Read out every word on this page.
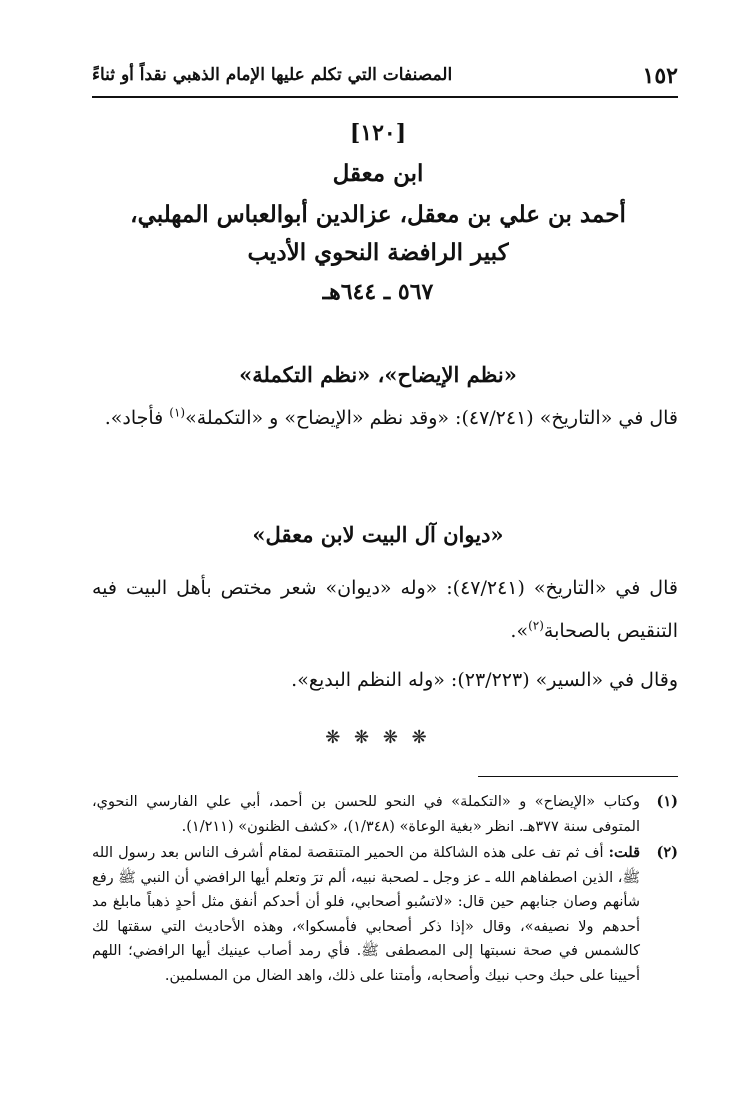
١٥٢
المصنفات التي تكلم عليها الإمام الذهبي نقداً أو ثناءً
[١٢٠]
ابن معقل
أحمد بن علي بن معقل، عزالدين أبوالعباس المهلبي،
كبير الرافضة النحوي الأديب
٥٦٧ ـ ٦٤٤هـ
«نظم الإيضاح»، «نظم التكملة»
قال في «التاريخ» (٤٧/٢٤١): «وقد نظم «الإيضاح» و «التكملة»$^{(١)}$ فأجاد».
«ديوان آل البيت لابن معقل»
قال في «التاريخ» (٤٧/٢٤١): «وله «ديوان» شعر مختص بأهل البيت فيه التنقيص بالصحابة$^{(٢)}$».
وقال في «السير» (٢٣/٢٢٣): «وله النظم البديع».
❋ ❋ ❋ ❋
(١)
وكتاب «الإيضاح» و «التكملة» في النحو للحسن بن أحمد، أبي علي الفارسي النحوي، المتوفى سنة ٣٧٧هـ. انظر «بغية الوعاة» (١/٣٤٨)، «كشف الظنون» (١/٢١١).
(٢)
قلت: أف ثم تف على هذه الشاكلة من الحمير المتنقصة لمقام أشرف الناس بعد رسول الله ﷺ، الذين اصطفاهم الله ـ عز وجل ـ لصحبة نبيه، ألم ترَ وتعلم أيها الرافضي أن النبي ﷺ رفع شأنهم وصان جنابهم حين قال: «لاتسُبو أصحابي، فلو أن أحدكم أنفق مثل أحدٍ ذهباً مابلغ مد أحدهم ولا نصيفه»، وقال «إذا ذكر أصحابي فأمسكوا»، وهذه الأحاديث التي سقتها لك كالشمس في صحة نسبتها إلى المصطفى ﷺ. فأي رمد أصاب عينيك أيها الرافضي؛ اللهم أحيينا على حبك وحب نبيك وأصحابه، وأمتنا على ذلك، واهد الضال من المسلمين.
